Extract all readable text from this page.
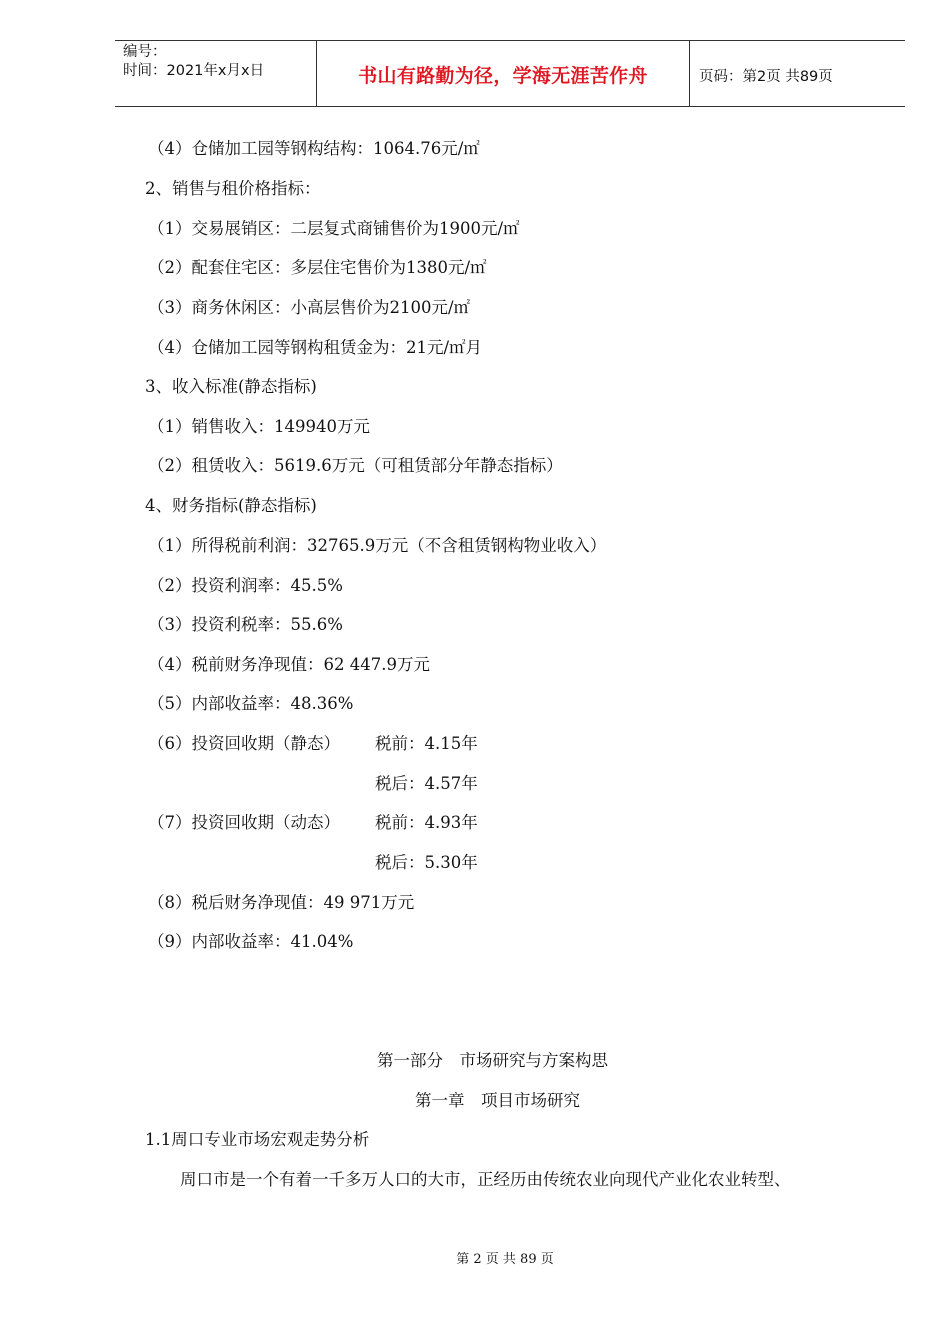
编号：
时间：2021年x月x日	书山有路勤为径，学海无涯苦作舟	页码：第2页 共89页
（4）仓储加工园等钢构结构：1064.76元/㎡
2、销售与租价格指标：
（1）交易展销区：二层复式商铺售价为1900元/㎡
（2）配套住宅区：多层住宅售价为1380元/㎡
（3）商务休闲区：小高层售价为2100元/㎡
（4）仓储加工园等钢构租赁金为：21元/㎡月
3、收入标准(静态指标)
（1）销售收入：149940万元
（2）租赁收入：5619.6万元（可租赁部分年静态指标）
4、财务指标(静态指标)
（1）所得税前利润：32765.9万元（不含租赁钢构物业收入）
（2）投资利润率：45.5%
（3）投资利税率：55.6%
（4）税前财务净现值：62 447.9万元
（5）内部收益率：48.36%
（6）投资回收期（静态） 税前：4.15年
税后：4.57年
（7）投资回收期（动态） 税前：4.93年
税后：5.30年
（8）税后财务净现值：49 971万元
（9）内部收益率：41.04%
第一部分　市场研究与方案构思
第一章　项目市场研究
1.1周口专业市场宏观走势分析
周口市是一个有着一千多万人口的大市，正经历由传统农业向现代产业化农业转型、
第 2 页 共 89 页
